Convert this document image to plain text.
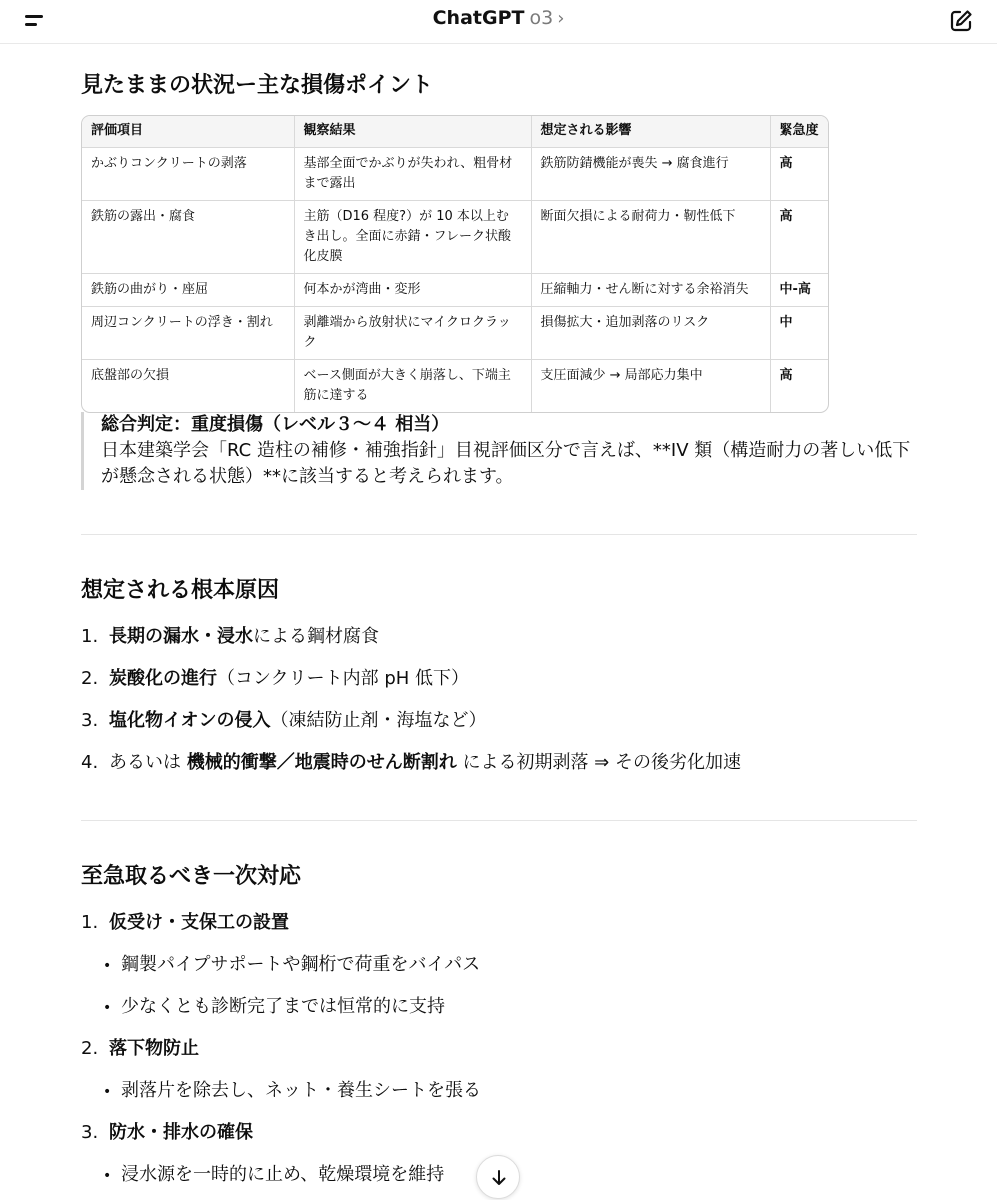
ChatGPT o3 ›
見たままの状況ー主な損傷ポイント
評価項目	観察結果	想定される影響	緊急度
かぶりコンクリートの剥落	基部全面でかぶりが失われ、粗骨材まで露出	鉄筋防錆機能が喪失 → 腐食進行	高
鉄筋の露出・腐食	主筋（D16 程度?）が 10 本以上むき出し。全面に赤錆・フレーク状酸化皮膜	断面欠損による耐荷力・靭性低下	高
鉄筋の曲がり・座屈	何本かが湾曲・変形	圧縮軸力・せん断に対する余裕消失	中-高
周辺コンクリートの浮き・割れ	剥離端から放射状にマイクロクラック	損傷拡大・追加剥落のリスク	中
底盤部の欠損	ベース側面が大きく崩落し、下端主筋に達する	支圧面減少 → 局部応力集中	高
総合判定：重度損傷（レベル３〜４ 相当）
日本建築学会「RC 造柱の補修・補強指針」目視評価区分で言えば、**IV 類（構造耐力の著しい低下が懸念される状態）**に該当すると考えられます。
想定される根本原因
1. 長期の漏水・浸水による鋼材腐食
2. 炭酸化の進行（コンクリート内部 pH 低下）
3. 塩化物イオンの侵入（凍結防止剤・海塩など）
4. あるいは 機械的衝撃／地震時のせん断割れ による初期剥落 ⇒ その後劣化加速
至急取るべき一次対応
1. 仮受け・支保工の設置
• 鋼製パイプサポートや鋼桁で荷重をバイパス
• 少なくとも診断完了までは恒常的に支持
2. 落下物防止
• 剥落片を除去し、ネット・養生シートを張る
3. 防水・排水の確保
• 浸水源を一時的に止め、乾燥環境を維持
